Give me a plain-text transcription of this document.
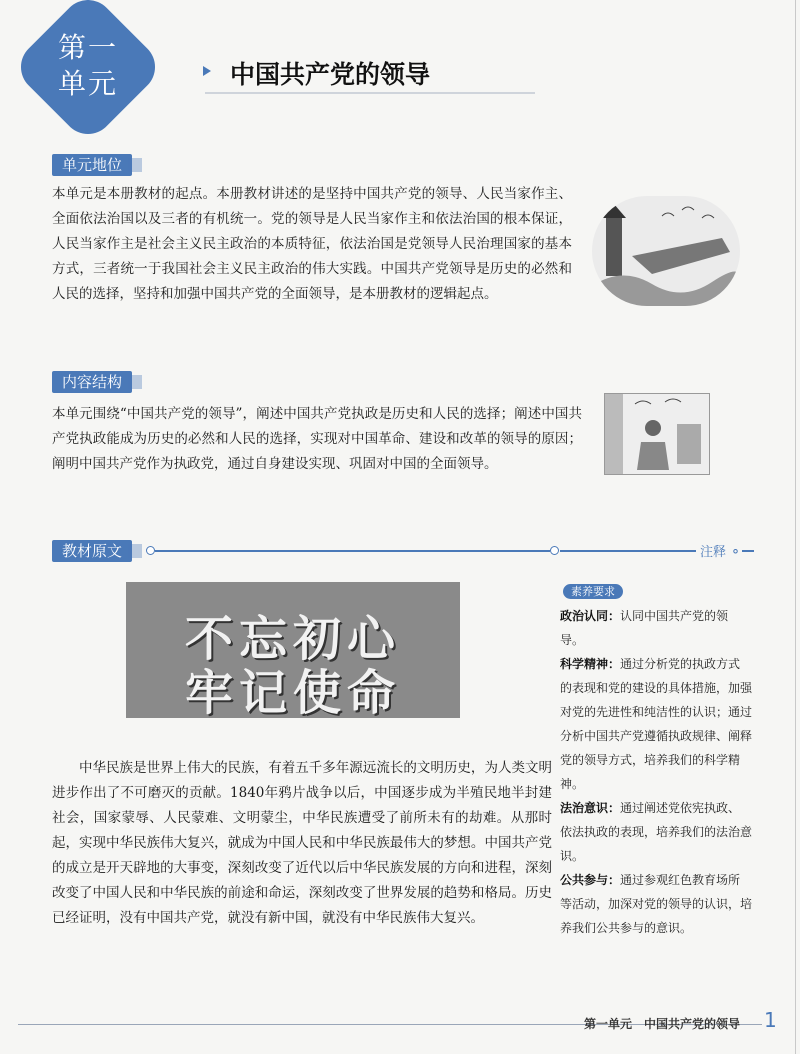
第一
单元	中国共产党的领导
单元地位
本单元是本册教材的起点。本册教材讲述的是坚持中国共产党的领导、人民当家作主、全面依法治国以及三者的有机统一。党的领导是人民当家作主和依法治国的根本保证，人民当家作主是社会主义民主政治的本质特征，依法治国是党领导人民治理国家的基本方式，三者统一于我国社会主义民主政治的伟大实践。中国共产党领导是历史的必然和人民的选择，坚持和加强中国共产党的全面领导，是本册教材的逻辑起点。
内容结构
本单元围绕“中国共产党的领导”，阐述中国共产党执政是历史和人民的选择；阐述中国共产党执政能成为历史的必然和人民的选择，实现对中国革命、建设和改革的领导的原因；阐明中国共产党作为执政党，通过自身建设实现、巩固对中国的全面领导。
教材原文	注释 ⚬
不忘初心
牢记使命
中华民族是世界上伟大的民族，有着五千多年源远流长的文明历史，为人类文明进步作出了不可磨灭的贡献。1840年鸦片战争以后，中国逐步成为半殖民地半封建社会，国家蒙辱、人民蒙难、文明蒙尘，中华民族遭受了前所未有的劫难。从那时起，实现中华民族伟大复兴，就成为中国人民和中华民族最伟大的梦想。中国共产党的成立是开天辟地的大事变，深刻改变了近代以后中华民族发展的方向和进程，深刻改变了中国人民和中华民族的前途和命运，深刻改变了世界发展的趋势和格局。历史已经证明，没有中国共产党，就没有新中国，就没有中华民族伟大复兴。
素养要求
政治认同：认同中国共产党的领导。
科学精神：通过分析党的执政方式的表现和党的建设的具体措施，加强对党的先进性和纯洁性的认识；通过分析中国共产党遵循执政规律、阐释党的领导方式，培养我们的科学精神。
法治意识：通过阐述党依宪执政、依法执政的表现，培养我们的法治意识。
公共参与：通过参观红色教育场所等活动，加深对党的领导的认识，培养我们公共参与的意识。
第一单元　中国共产党的领导 1
